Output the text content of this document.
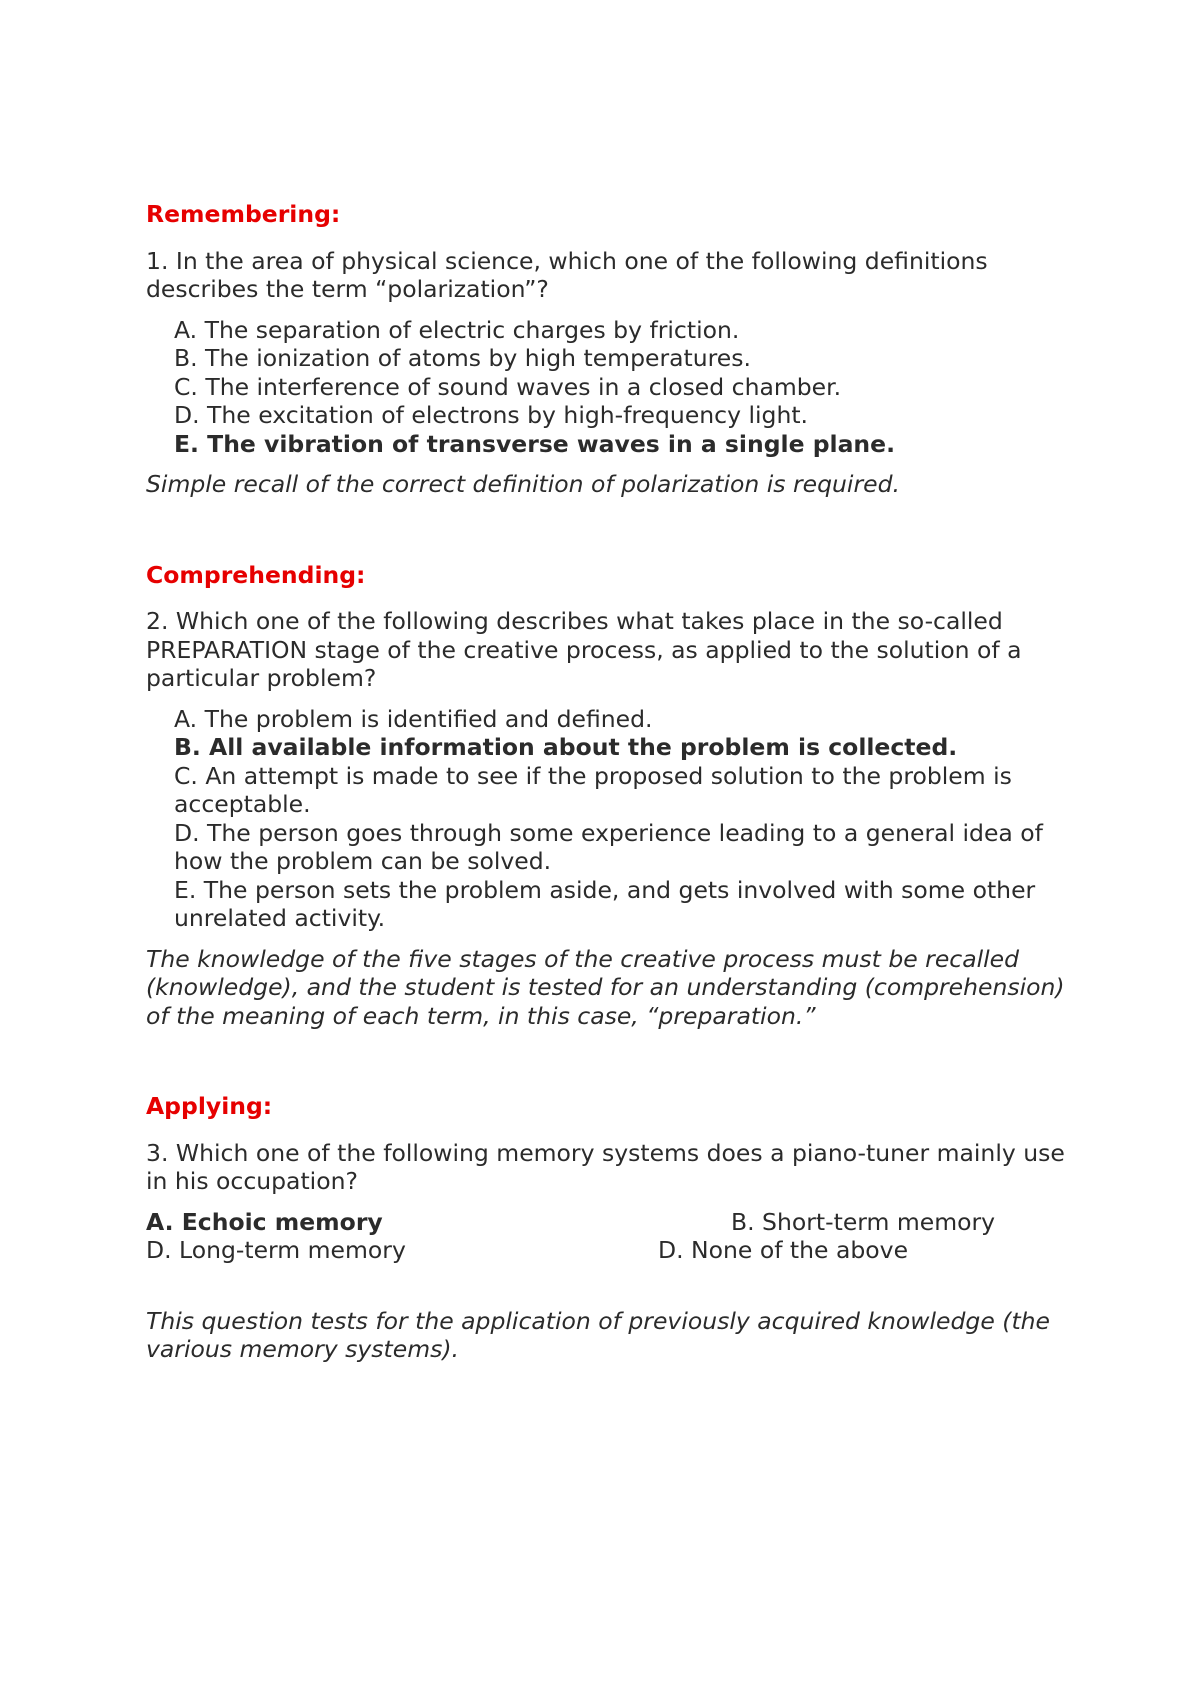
Remembering:

1. In the area of physical science, which one of the following definitions describes the term “polarization”?

A. The separation of electric charges by friction.
B. The ionization of atoms by high temperatures.
C. The interference of sound waves in a closed chamber.
D. The excitation of electrons by high-frequency light.
E. The vibration of transverse waves in a single plane.

Simple recall of the correct definition of polarization is required.

Comprehending:

2. Which one of the following describes what takes place in the so-called PREPARATION stage of the creative process, as applied to the solution of a particular problem?

A. The problem is identified and defined.
B. All available information about the problem is collected.
C. An attempt is made to see if the proposed solution to the problem is acceptable.
D. The person goes through some experience leading to a general idea of how the problem can be solved.
E. The person sets the problem aside, and gets involved with some other unrelated activity.

The knowledge of the five stages of the creative process must be recalled (knowledge), and the student is tested for an understanding (comprehension) of the meaning of each term, in this case, “preparation.”

Applying:

3. Which one of the following memory systems does a piano-tuner mainly use in his occupation?

A. Echoic memory	B. Short-term memory
D. Long-term memory	D. None of the above

This question tests for the application of previously acquired knowledge (the various memory systems).
